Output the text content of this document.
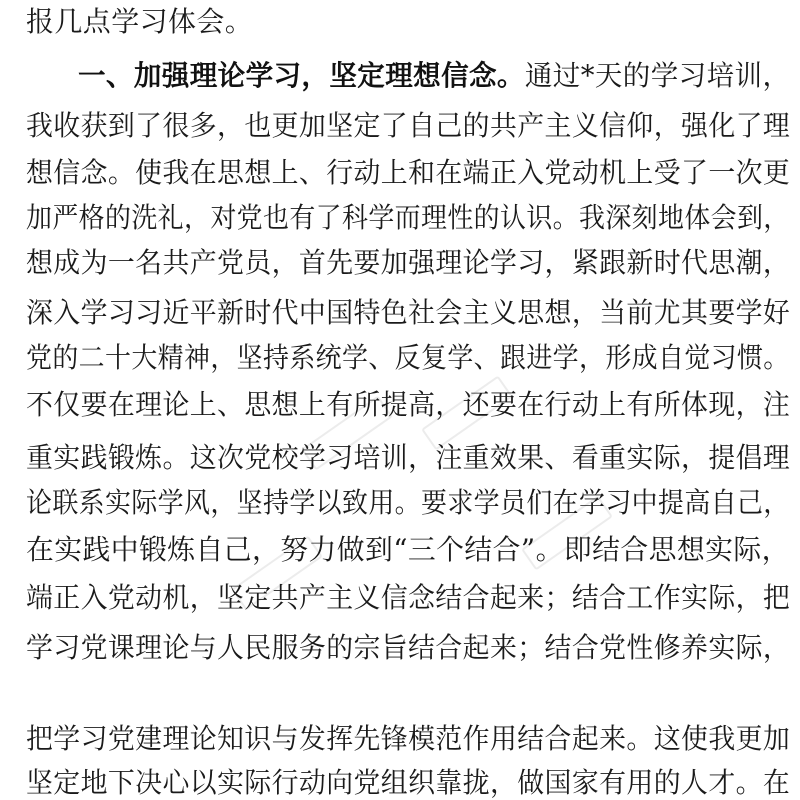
报几点学习体会。
一、加强理论学习，坚定理想信念。通过*天的学习培训，
我收获到了很多，也更加坚定了自己的共产主义信仰，强化了理
想信念。使我在思想上、行动上和在端正入党动机上受了一次更
加严格的洗礼，对党也有了科学而理性的认识。我深刻地体会到，
想成为一名共产党员，首先要加强理论学习，紧跟新时代思潮，
深入学习习近平新时代中国特色社会主义思想，当前尤其要学好
党的二十大精神，坚持系统学、反复学、跟进学，形成自觉习惯。
不仅要在理论上、思想上有所提高，还要在行动上有所体现，注
重实践锻炼。这次党校学习培训，注重效果、看重实际，提倡理
论联系实际学风，坚持学以致用。要求学员们在学习中提高自己，
在实践中锻炼自己，努力做到“三个结合”。即结合思想实际，
端正入党动机，坚定共产主义信念结合起来；结合工作实际，把
学习党课理论与人民服务的宗旨结合起来；结合党性修养实际，
把学习党建理论知识与发挥先锋模范作用结合起来。这使我更加
坚定地下决心以实际行动向党组织靠拢，做国家有用的人才。在
